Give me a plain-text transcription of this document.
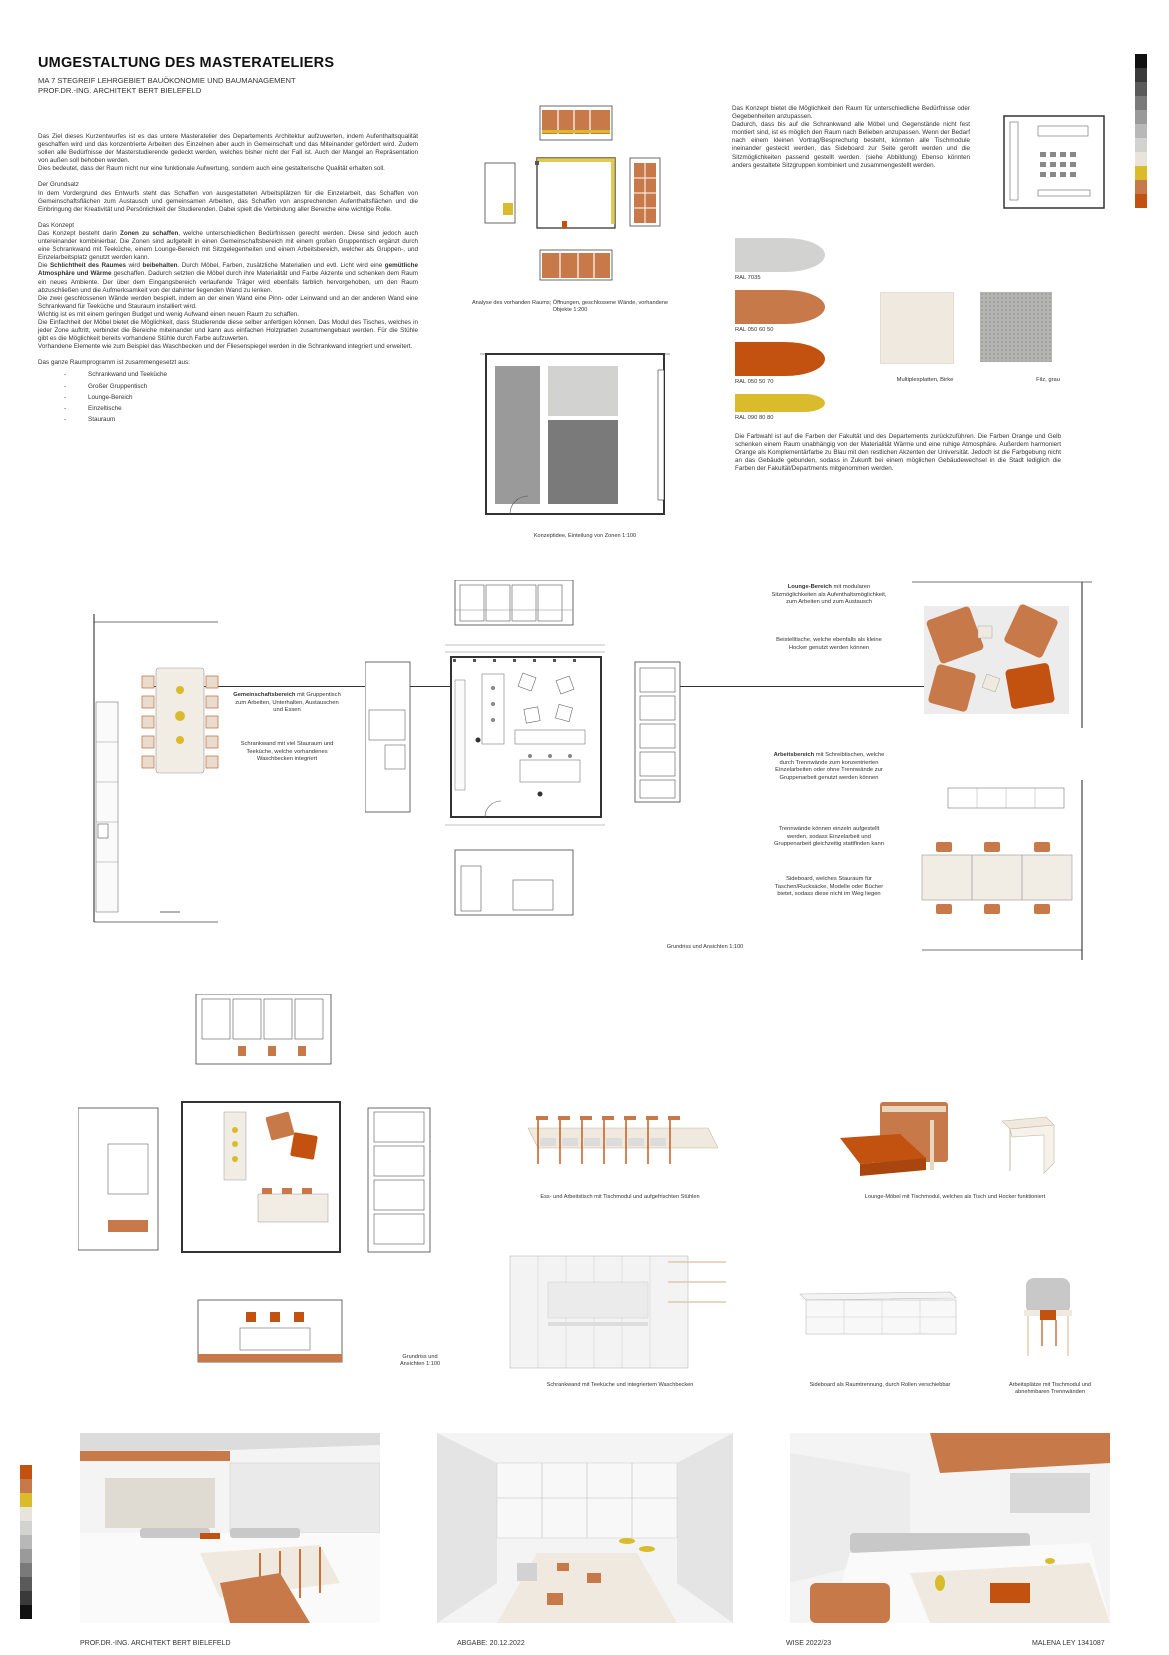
UMGESTALTUNG DES MASTERATELIERS
MA 7 STEGREIF LEHRGEBIET BAUÖKONOMIE UND BAUMANAGEMENT
PROF.DR.-ING. ARCHITEKT BERT BIELEFELD
Das Ziel dieses Kurzentwurfes ist es das untere Masteratelier des Departements Architektur aufzuwerten, indem Aufenthaltsqualität geschaffen wird und das konzentrierte Arbeiten des Einzelnen aber auch in Gemeinschaft und das Miteinander gefördert wird. Zudem sollen alle Bedürfnisse der Masterstudierende gedeckt werden, welches bisher nicht der Fall ist. Auch der Mangel an Repräsentation von außen soll behoben werden.
Dies bedeutet, dass der Raum nicht nur eine funktionale Aufwertung, sondern auch eine gestalterische Qualität erhalten soll.
Der Grundsatz
In dem Vordergrund des Entwurfs steht das Schaffen von ausgestatteten Arbeitsplätzen für die Einzelarbeit, das Schaffen von Gemeinschaftsflächen zum Austausch und gemeinsamen Arbeiten, das Schaffen von ansprechenden Aufenthaltsflächen und die Einbringung der Kreativität und Persönlichkeit der Studierenden. Dabei spielt die Verbindung aller Bereiche eine wichtige Rolle.
Das Konzept
Das Konzept besteht darin Zonen zu schaffen, welche unterschiedlichen Bedürfnissen gerecht werden. Diese sind jedoch auch untereinander kombinierbar. Die Zonen sind aufgeteilt in einen Gemeinschaftsbereich mit einem großen Gruppentisch ergänzt durch eine Schrankwand mit Teeküche, einem Lounge-Bereich mit Sitzgelegenheiten und einem Arbeitsbereich, welcher als Gruppen-, und Einzelarbeitsplatz genutzt werden kann.
Die Schlichtheit des Raumes wird beibehalten. Durch Möbel, Farben, zusätzliche Materialien und evtl. Licht wird eine gemütliche Atmosphäre und Wärme geschaffen. Dadurch setzten die Möbel durch ihre Materialität und Farbe Akzente und schenken dem Raum ein neues Ambiente. Der über dem Eingangsbereich verlaufende Träger wird ebenfalls farblich hervorgehoben, um den Raum abzuschließen und die Aufmerksamkeit von der dahinter liegenden Wand zu lenken.
Die zwei geschlossenen Wände werden bespielt, indem an der einen Wand eine Pinn- oder Leinwand und an der anderen Wand eine Schrankwand für Teeküche und Stauraum installiert wird.
Wichtig ist es mit einem geringen Budget und wenig Aufwand einen neuen Raum zu schaffen.
Die Einfachheit der Möbel bietet die Möglichkeit, dass Studierende diese selber anfertigen können. Das Modul des Tisches, welches in jeder Zone auftritt, verbindet die Bereiche miteinander und kann aus einfachen Holzplatten zusammengebaut werden. Für die Stühle gibt es die Möglichkeit bereits vorhandene Stühle durch Farbe aufzuwerten.
Vorhandene Elemente wie zum Beispiel das Waschbecken und der Fliesenspiegel werden in die Schrankwand integriert und erweitert.
Das ganze Raumprogramm ist zusammengesetzt aus:
-	Schrankwand und Teeküche
-	Großer Gruppentisch
-	Lounge-Bereich
-	Einzeltische
-	Stauraum
Analyse des vorhanden Raums; Öffnungen, geschlossene Wände, vorhandene Objekte 1:200
Konzeptidee, Einteilung von Zonen 1:100
Das Konzept bietet die Möglichkeit den Raum für unterschiedliche Bedürfnisse oder Gegebenheiten anzupassen.
Dadurch, dass bis auf die Schrankwand alle Möbel und Gegenstände nicht fest montiert sind, ist es möglich den Raum nach Belieben anzupassen. Wenn der Bedarf nach einem kleinen Vortrag/Besprechung besteht, könnten alle Tischmodule ineinander gesteckt werden, das Sideboard zur Seite gerollt werden und die Sitzmöglichkeiten passend gestellt werden. (siehe Abbildung) Ebenso könnten anders gestaltete Sitzgruppen kombiniert und zusammengestellt werden.
RAL 7035
RAL 050 60 50
RAL 050 50 70
RAL 090 80 80
Multiplexplatten, Birke	Filz, grau
Die Farbwahl ist auf die Farben der Fakultät und des Departements zurückzuführen. Die Farben Orange und Gelb schenken einem Raum unabhängig von der Materialität Wärme und eine ruhige Atmosphäre. Außerdem harmoniert Orange als Komplementärfarbe zu Blau mit den restlichen Akzenten der Universität. Jedoch ist die Farbgebung nicht an das Gebäude gebunden, sodass in Zukunft bei einem möglichen Gebäudewechsel in die Stadt lediglich die Farben der Fakultät/Departments mitgenommen werden.
Gemeinschaftsbereich mit Gruppentisch zum Arbeiten, Unterhalten, Austauschen und Essen
Schrankwand mit viel Stauraum und Teeküche, welche vorhandenes Waschbecken integriert
Grundriss und Ansichten 1:100
Lounge-Bereich mit modularen Sitzmöglichkeiten als Aufenthaltsmöglichkeit, zum Arbeiten und zum Austausch
Beistelltische, welche ebenfalls als kleine Hocker genutzt werden können
Arbeitsbereich mit Schreibtischen, welche durch Trennwände zum konzentrierten Einzelarbeiten oder ohne Trennwände zur Gruppenarbeit genutzt werden können
Trennwände können einzeln aufgestellt werden, sodass Einzelarbeit und Gruppenarbeit gleichzeitig stattfinden kann
Sideboard, welches Stauraum für Taschen/Rucksäcke, Modelle oder Bücher bietet, sodass diese nicht im Weg liegen
Grundriss und Ansichten 1:100
Ess- und Arbeitstisch mit Tischmodul und aufgefrischten Stühlen	Lounge-Möbel mit Tischmodul, welches als Tisch und Hocker funktioniert
Schrankwand mit Teeküche und integriertem Waschbecken	Sideboard als Raumtrennung, durch Rollen verschiebbar	Arbeitsplätze mit Tischmodul und abnehmbaren Trennwänden
PROF.DR.-ING. ARCHITEKT BERT BIELEFELD	ABGABE: 20.12.2022	WISE 2022/23	MALENA LEY 1341087
